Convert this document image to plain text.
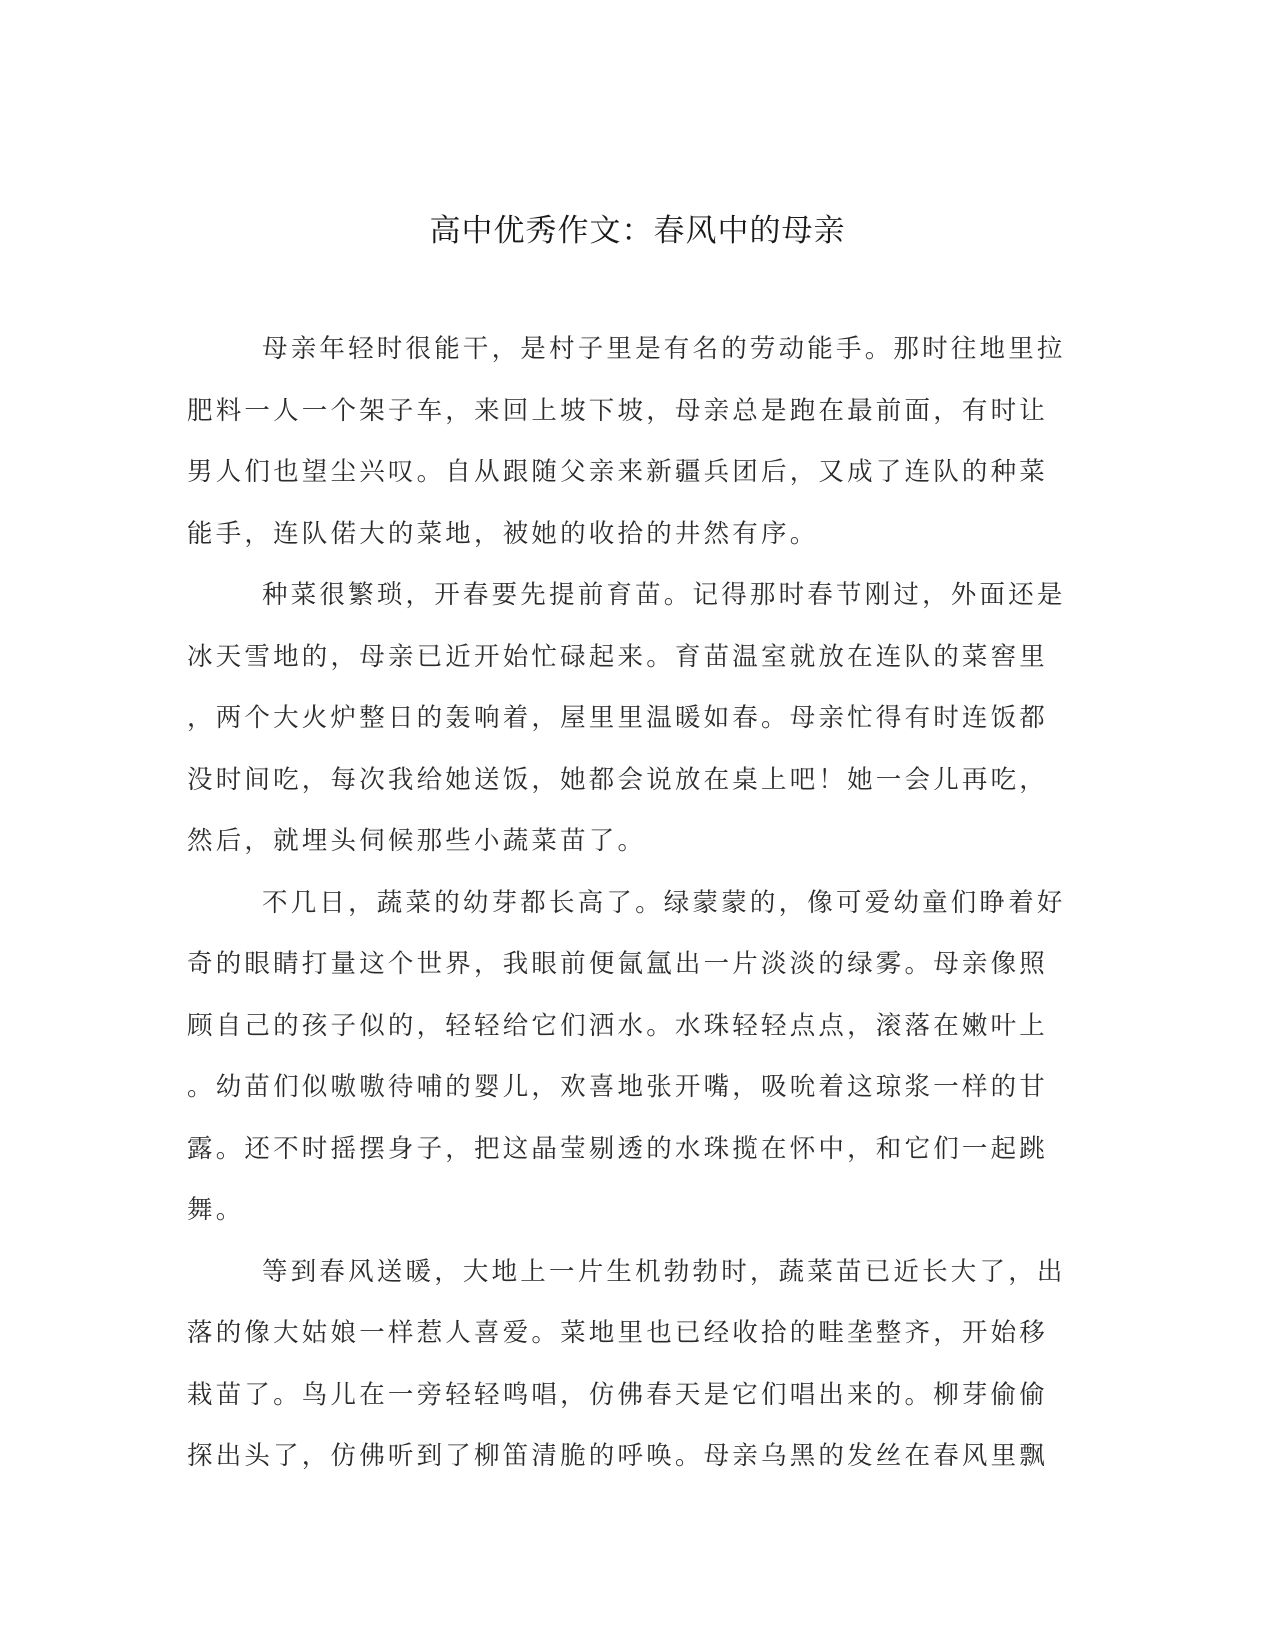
高中优秀作文：春风中的母亲
母亲年轻时很能干，是村子里是有名的劳动能手。那时往地里拉
肥料一人一个架子车，来回上坡下坡，母亲总是跑在最前面，有时让
男人们也望尘兴叹。自从跟随父亲来新疆兵团后，又成了连队的种菜
能手，连队偌大的菜地，被她的收拾的井然有序。
种菜很繁琐，开春要先提前育苗。记得那时春节刚过，外面还是
冰天雪地的，母亲已近开始忙碌起来。育苗温室就放在连队的菜窖里
，两个大火炉整日的轰响着，屋里里温暖如春。母亲忙得有时连饭都
没时间吃，每次我给她送饭，她都会说放在桌上吧！她一会儿再吃，
然后，就埋头伺候那些小蔬菜苗了。
不几日，蔬菜的幼芽都长高了。绿蒙蒙的，像可爱幼童们睁着好
奇的眼睛打量这个世界，我眼前便氤氲出一片淡淡的绿雾。母亲像照
顾自己的孩子似的，轻轻给它们洒水。水珠轻轻点点，滚落在嫩叶上
。幼苗们似嗷嗷待哺的婴儿，欢喜地张开嘴，吸吮着这琼浆一样的甘
露。还不时摇摆身子，把这晶莹剔透的水珠揽在怀中，和它们一起跳
舞。
等到春风送暖，大地上一片生机勃勃时，蔬菜苗已近长大了，出
落的像大姑娘一样惹人喜爱。菜地里也已经收拾的畦垄整齐，开始移
栽苗了。鸟儿在一旁轻轻鸣唱，仿佛春天是它们唱出来的。柳芽偷偷
探出头了，仿佛听到了柳笛清脆的呼唤。母亲乌黑的发丝在春风里飘
